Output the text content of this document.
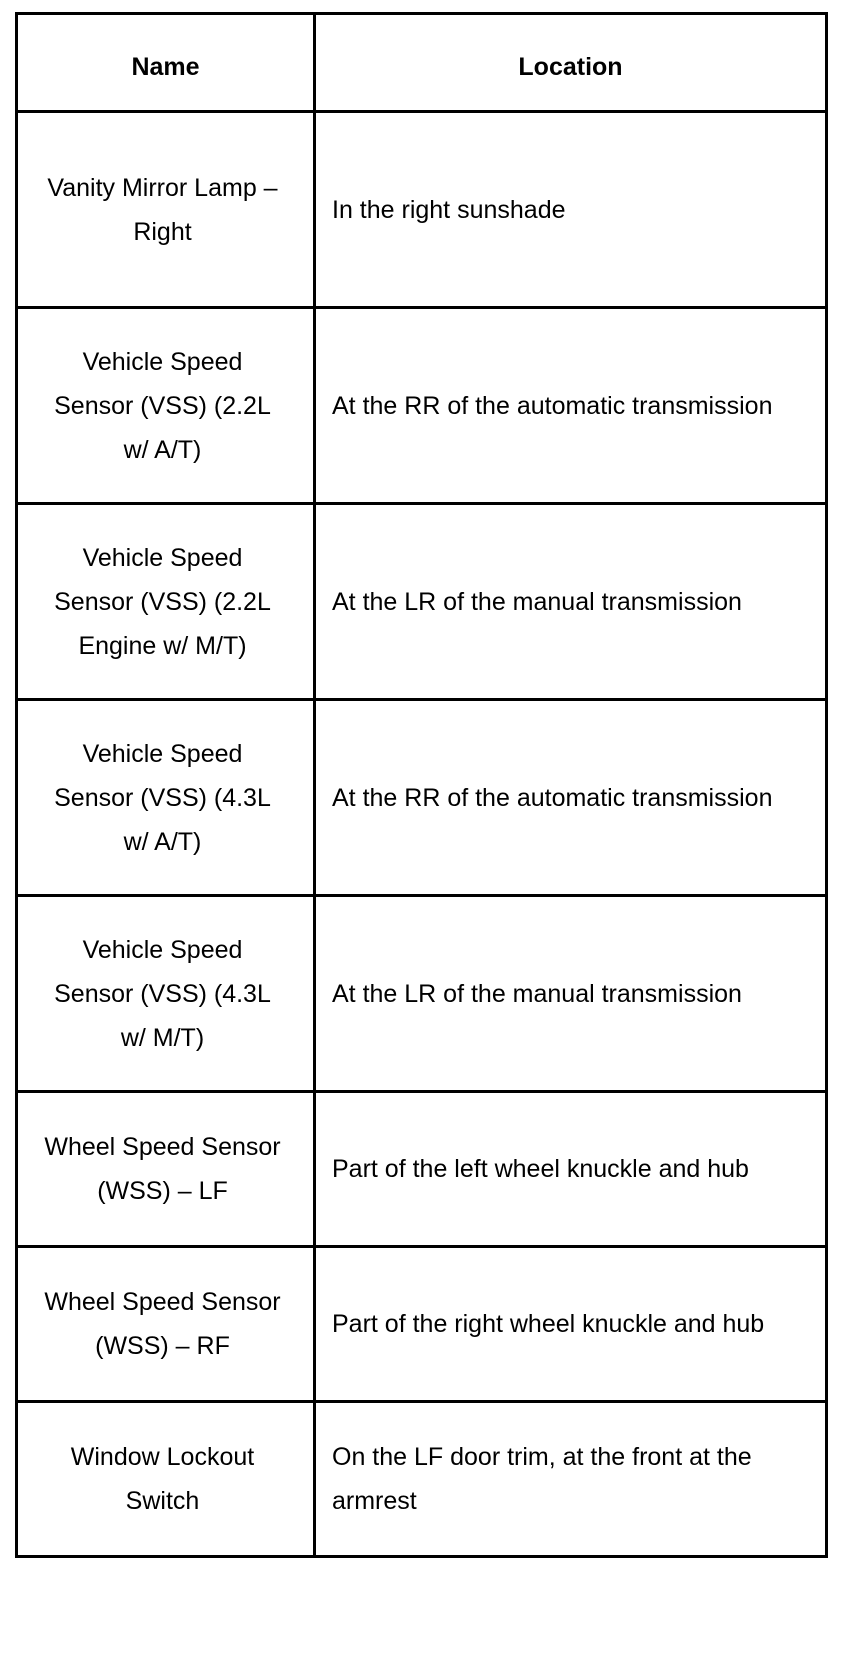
Name	Location

Vanity Mirror Lamp – Right	In the right sunshade

Vehicle Speed Sensor (VSS) (2.2L w/ A/T)	At the RR of the automatic transmission

Vehicle Speed Sensor (VSS) (2.2L Engine w/ M/T)	At the LR of the manual transmission

Vehicle Speed Sensor (VSS) (4.3L w/ A/T)	At the RR of the automatic transmission

Vehicle Speed Sensor (VSS) (4.3L w/ M/T)	At the LR of the manual transmission

Wheel Speed Sensor (WSS) – LF	Part of the left wheel knuckle and hub

Wheel Speed Sensor (WSS) – RF	Part of the right wheel knuckle and hub

Window Lockout Switch	On the LF door trim, at the front at the armrest
